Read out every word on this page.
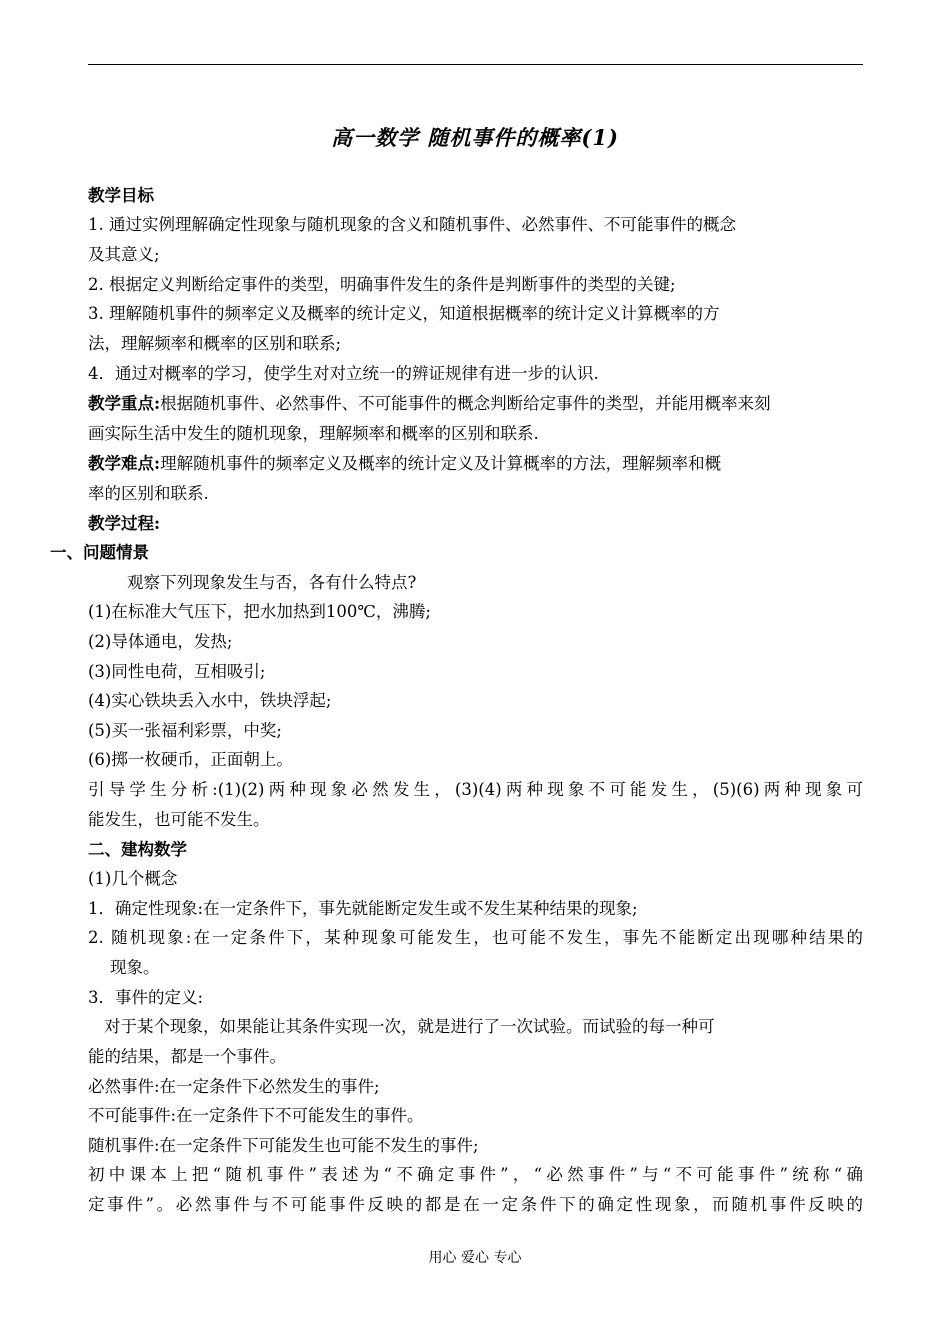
高一数学 随机事件的概率(1)
教学目标
1. 通过实例理解确定性现象与随机现象的含义和随机事件、必然事件、不可能事件的概念
及其意义;
2. 根据定义判断给定事件的类型，明确事件发生的条件是判断事件的类型的关键;
3. 理解随机事件的频率定义及概率的统计定义，知道根据概率的统计定义计算概率的方
法，理解频率和概率的区别和联系;
4．通过对概率的学习，使学生对对立统一的辨证规律有进一步的认识.
教学重点:根据随机事件、必然事件、不可能事件的概念判断给定事件的类型，并能用概率来刻
画实际生活中发生的随机现象，理解频率和概率的区别和联系.
教学难点:理解随机事件的频率定义及概率的统计定义及计算概率的方法，理解频率和概
率的区别和联系.
教学过程:
一、问题情景
观察下列现象发生与否，各有什么特点?
(1)在标准大气压下，把水加热到100℃，沸腾;
(2)导体通电，发热;
(3)同性电荷，互相吸引;
(4)实心铁块丢入水中，铁块浮起;
(5)买一张福利彩票，中奖;
(6)掷一枚硬币，正面朝上。
引导学生分析:(1)(2)两种现象必然发生，(3)(4)两种现象不可能发生，(5)(6)两种现象可
能发生，也可能不发生。
二、建构数学
(1)几个概念
1．确定性现象:在一定条件下，事先就能断定发生或不发生某种结果的现象;
2. 随机现象:在一定条件下，某种现象可能发生，也可能不发生，事先不能断定出现哪种结果的
现象。
3．事件的定义:
对于某个现象，如果能让其条件实现一次，就是进行了一次试验。而试验的每一种可
能的结果，都是一个事件。
必然事件:在一定条件下必然发生的事件;
不可能事件:在一定条件下不可能发生的事件。
随机事件:在一定条件下可能发生也可能不发生的事件;
初中课本上把“随机事件”表述为“不确定事件”，“必然事件”与“不可能事件”统称“确
定事件”。必然事件与不可能事件反映的都是在一定条件下的确定性现象，而随机事件反映的
用心 爱心 专心
